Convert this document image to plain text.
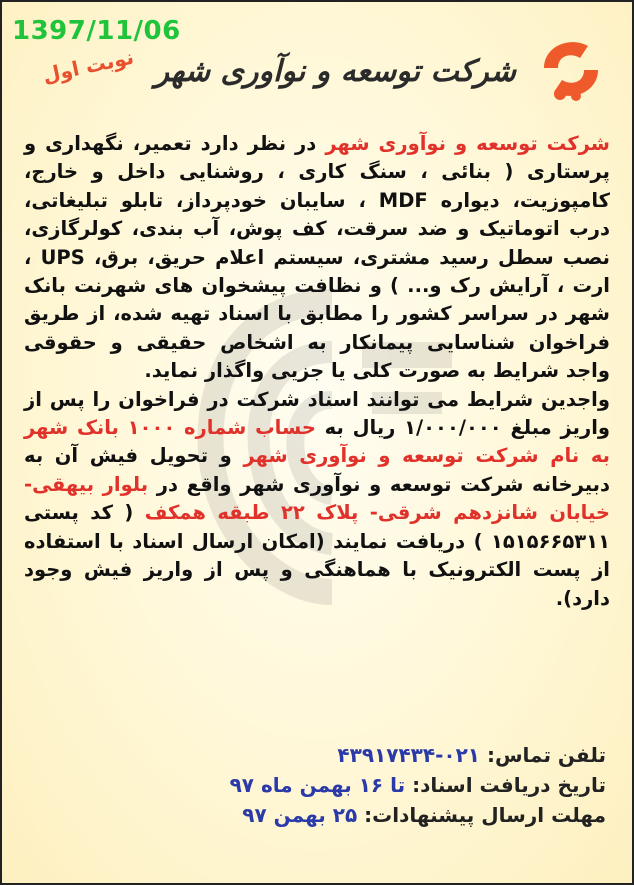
1397/11/06
نوبت اول شرکت توسعه و نوآوری شهر
شرکت توسعه و نوآوری شهر در نظر دارد تعمیر، نگهداری و پرستاری ( بنائی ، سنگ کاری ، روشنایی داخل و خارج، کامپوزیت، دیواره MDF ، سایبان خودپرداز، تابلو تبلیغاتی، درب اتوماتیک و ضد سرقت، کف پوش، آب بندی، کولرگازی، نصب سطل رسید مشتری، سیستم اعلام حریق، برق، UPS ، ارت ، آرایش رک و... ) و نظافت پیشخوان های شهرنت بانک شهر در سراسر کشور را مطابق با اسناد تهیه شده، از طریق فراخوان شناسایی پیمانکار به اشخاص حقیقی و حقوقی واجد شرایط به صورت کلی یا جزیی واگذار نماید.
واجدین شرایط می توانند اسناد شرکت در فراخوان را پس از واریز مبلغ ۱/۰۰۰/۰۰۰ ریال به حساب شماره ۱۰۰۰ بانک شهر به نام شرکت توسعه و نوآوری شهر و تحویل فیش آن به دبیرخانه شرکت توسعه و نوآوری شهر واقع در بلوار بیهقی- خیابان شانزدهم شرقی- پلاک ۲۲ طبقه همکف ( کد پستی ۱۵۱۵۶۶۵۳۱۱ ) دریافت نمایند (امکان ارسال اسناد با استفاده از پست الکترونیک با هماهنگی و پس از واریز فیش وجود دارد).
تلفن تماس: ۴۳۹۱۷۴۳۴-۰۲۱
تاریخ دریافت اسناد: تا ۱۶ بهمن ماه ۹۷
مهلت ارسال پیشنهادات: ۲۵ بهمن ۹۷
